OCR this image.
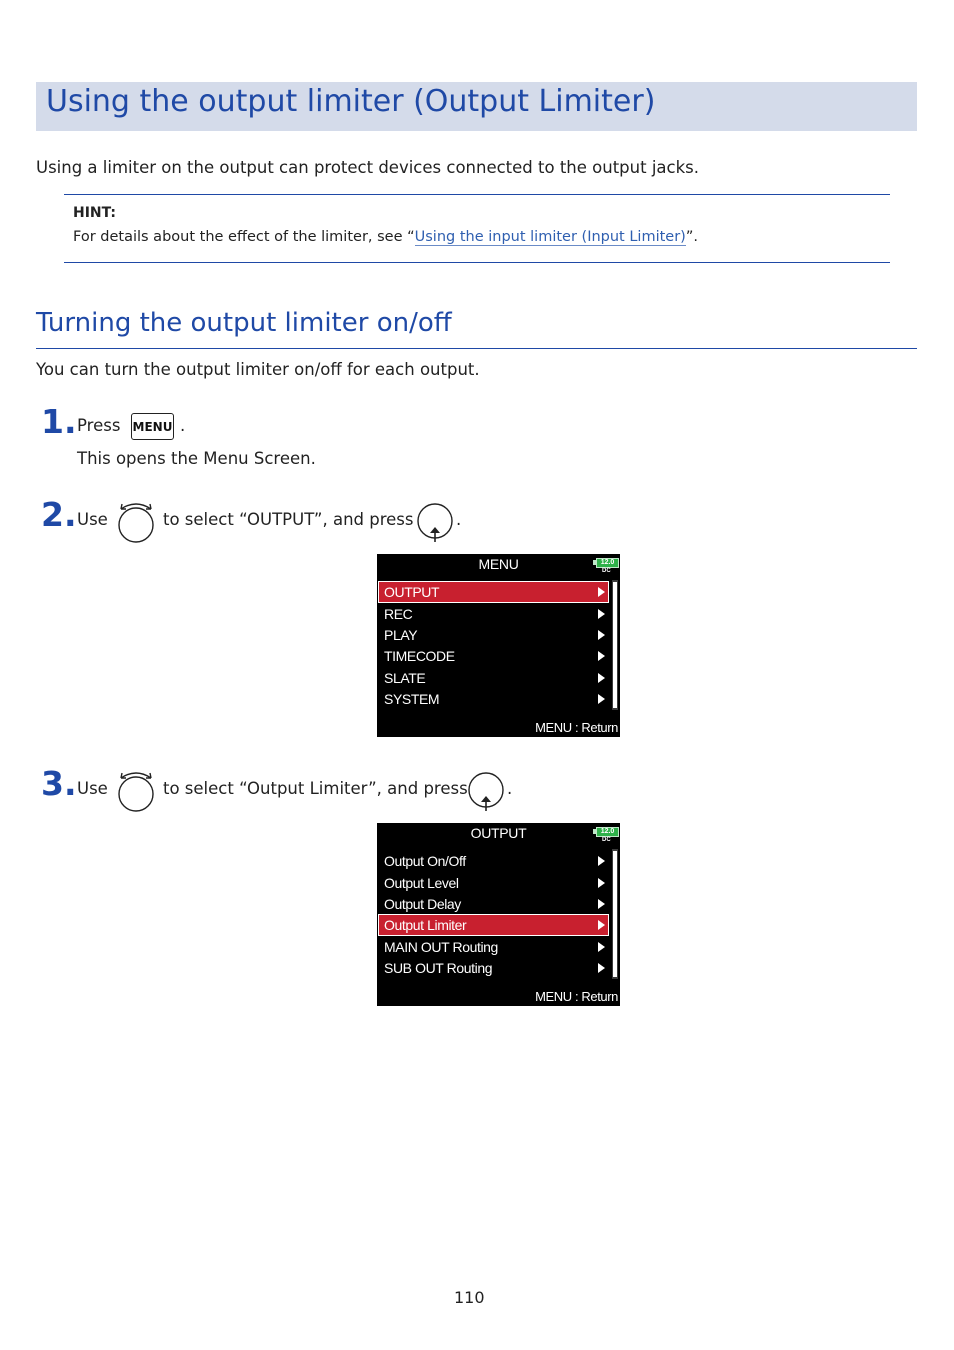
Using the output limiter (Output Limiter)
Using a limiter on the output can protect devices connected to the output jacks.
HINT:
For details about the effect of the limiter, see “Using the input limiter (Input Limiter)”.
Turning the output limiter on/off
You can turn the output limiter on/off for each output.
1. Press MENU .
This opens the Menu Screen.
2. Use	to select “OUTPUT”, and press	.
MENU	12.0
DC
OUTPUT
REC
PLAY
TIMECODE
SLATE
SYSTEM
MENU : Return
3. Use	to select “Output Limiter”, and press .
OUTPUT	12.0
DC
Output On/Off
Output Level
Output Delay
Output Limiter
MAIN OUT Routing
SUB OUT Routing
MENU : Return
110
